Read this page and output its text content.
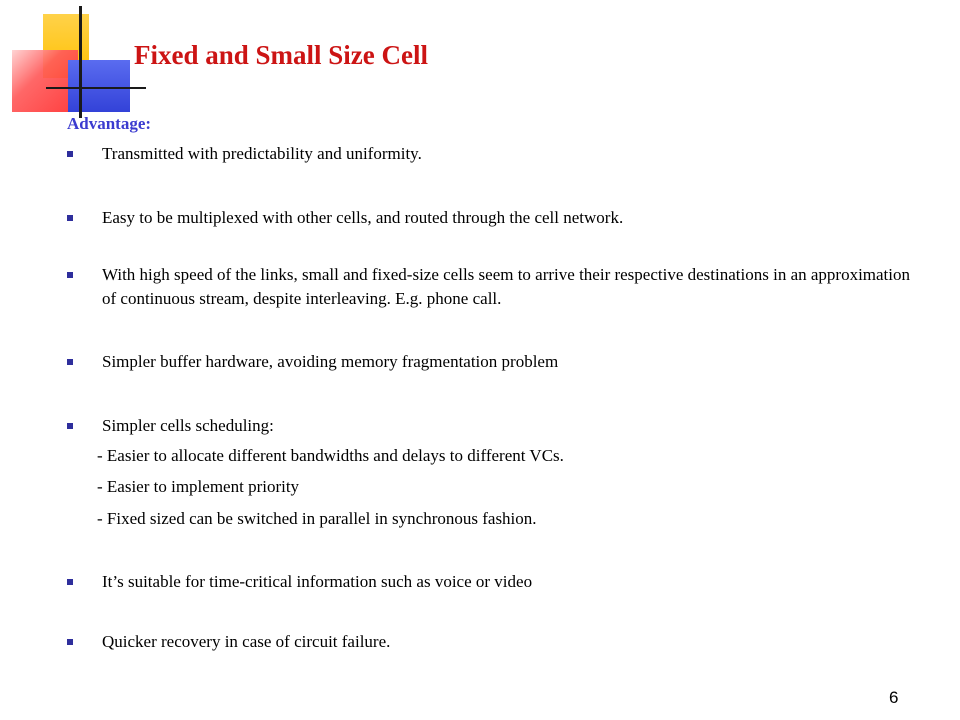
Fixed and Small Size Cell
Advantage:
Transmitted with predictability and uniformity.
Easy to be multiplexed with other cells, and routed through the cell network.
With high speed of the links, small and fixed-size cells seem to arrive their respective destinations in an approximation of continuous stream, despite interleaving. E.g. phone call.
Simpler buffer hardware, avoiding memory fragmentation problem
Simpler cells scheduling:
- Easier to allocate different bandwidths and delays to different VCs.
- Easier to implement priority
- Fixed sized can be switched in parallel in synchronous fashion.
It’s suitable for time-critical information such as voice or video
Quicker recovery in case of circuit failure.
6
